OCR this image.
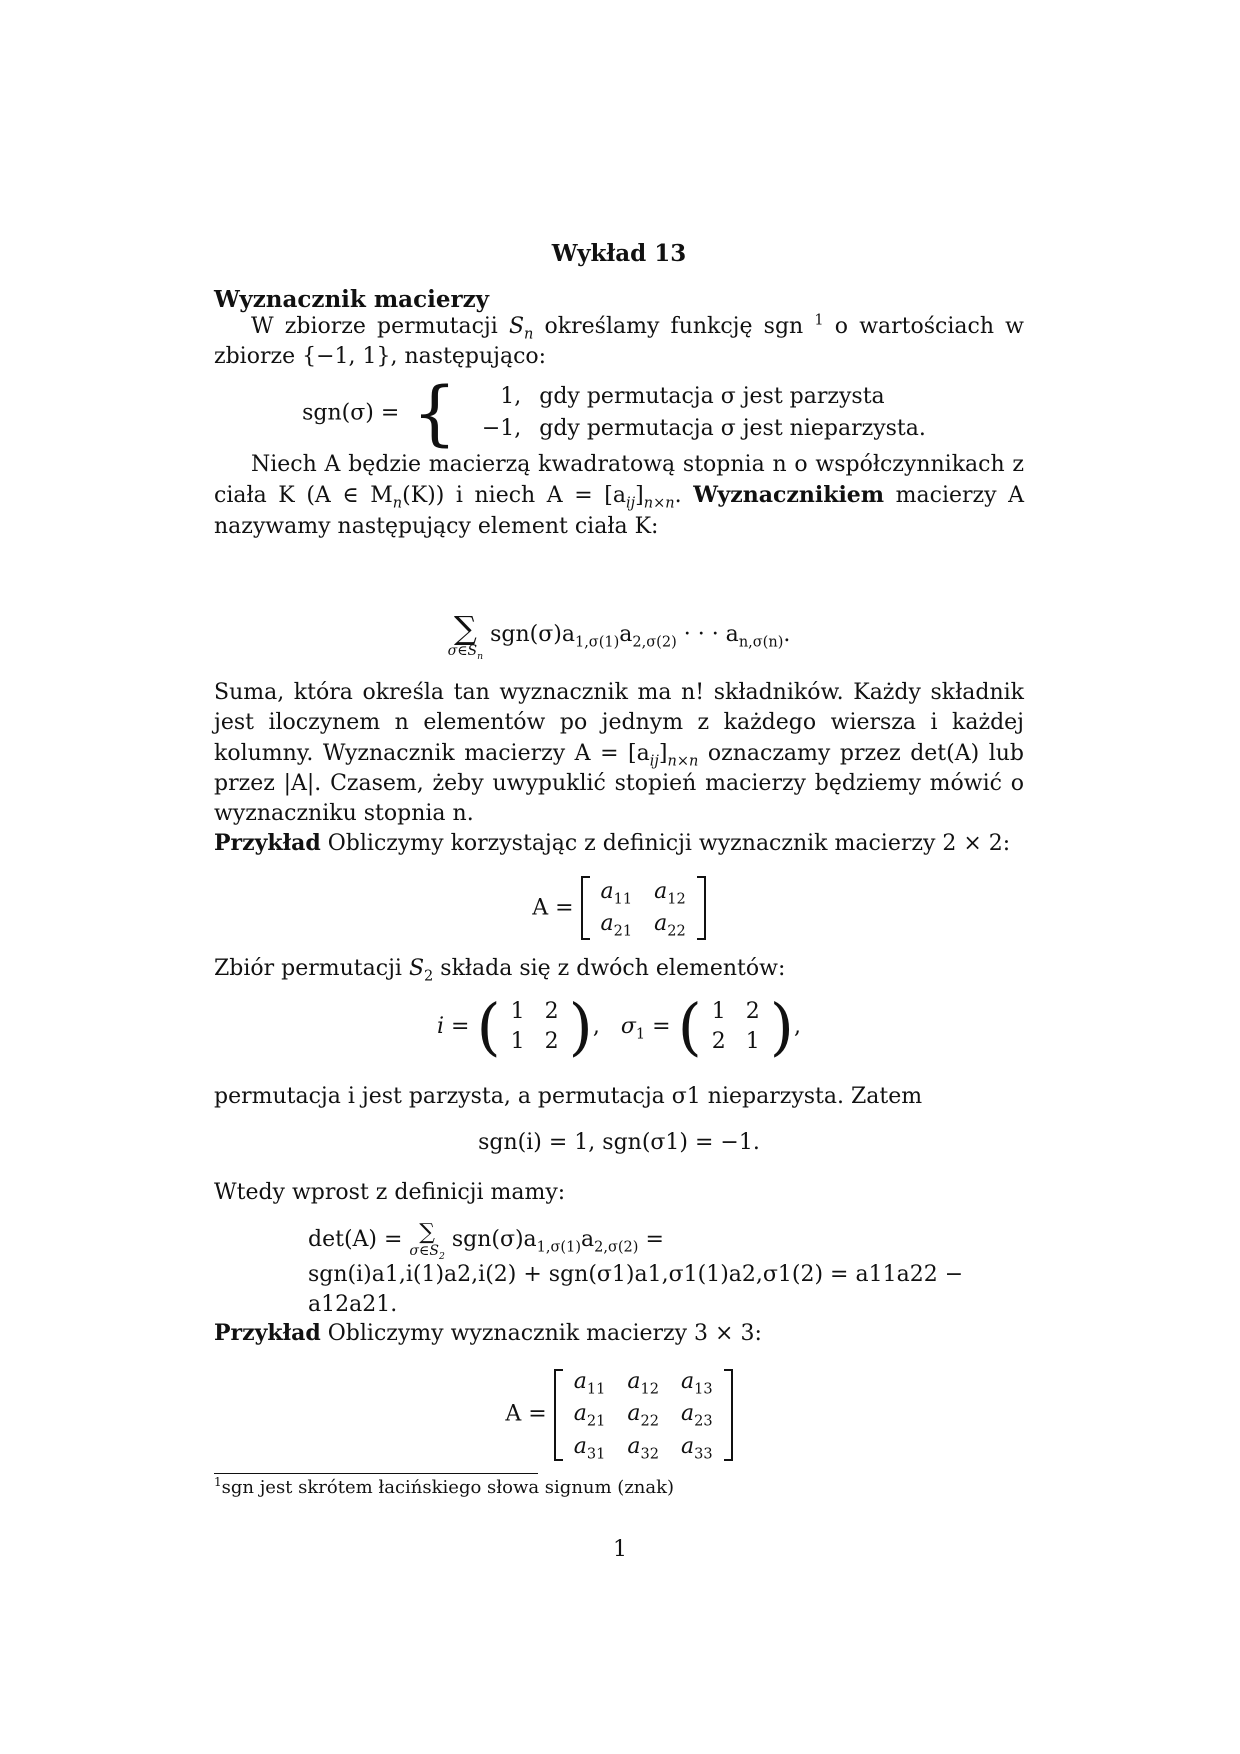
Wykład 13
Wyznacznik macierzy
W zbiorze permutacji $S_n$ określamy funkcję sgn $^1$ o wartościach w zbiorze {−1, 1}, następująco:
sgn(σ) = { 1,	gdy permutacja σ jest parzysta
−1,	gdy permutacja σ jest nieparzysta.
Niech A będzie macierzą kwadratową stopnia n o współczynnikach z ciała K (A ∈ $M_n(K)$) i niech $A = [a_{ij}]_{n\times n}$. Wyznacznikiem macierzy A nazywamy następujący element ciała K:
∑
$\sigma\in S_n$
$sgn(\sigma)a_{1,\sigma(1)}a_{2,\sigma(2)}$ · · · $a_{n,\sigma(n)}$.
Suma, która określa tan wyznacznik ma n! składników. Każdy składnik jest iloczynem n elementów po jednym z każdego wiersza i każdej kolumny. Wyznacznik macierzy $A = [a_{ij}]_{n\times n}$ oznaczamy przez det(A) lub przez |A|. Czasem, żeby uwypuklić stopień macierzy będziemy mówić o wyznaczniku stopnia n.
Przykład Obliczymy korzystając z definicji wyznacznik macierzy 2 × 2:
$A = a_{11}$	$a_{12}$
$a_{21}$	$a_{22}$
Zbiór permutacji $S_2$ składa się z dwóch elementów:
i = ( 1	2
1	2 ), $\sigma_1$ = ( 1	2
2	1 ),
permutacja i jest parzysta, a permutacja σ1 nieparzysta. Zatem
sgn(i) = 1, sgn(σ1) = −1.
Wtedy wprost z definicji mamy:
det(A) = ∑
$\sigma\in S_2$
$sgn(\sigma)a_{1,\sigma(1)}a_{2,\sigma(2)}$ =
sgn(i)a1,i(1)a2,i(2) + sgn(σ1)a1,σ1(1)a2,σ1(2) = a11a22 − a12a21.
Przykład Obliczymy wyznacznik macierzy 3 × 3:
$A = a_{11}$	$a_{12}$	$a_{13}$
$a_{21}$	$a_{22}$	$a_{23}$
$a_{31}$	$a_{32}$	$a_{33}$
$^1$sgn jest skrótem łacińskiego słowa signum (znak)
1
